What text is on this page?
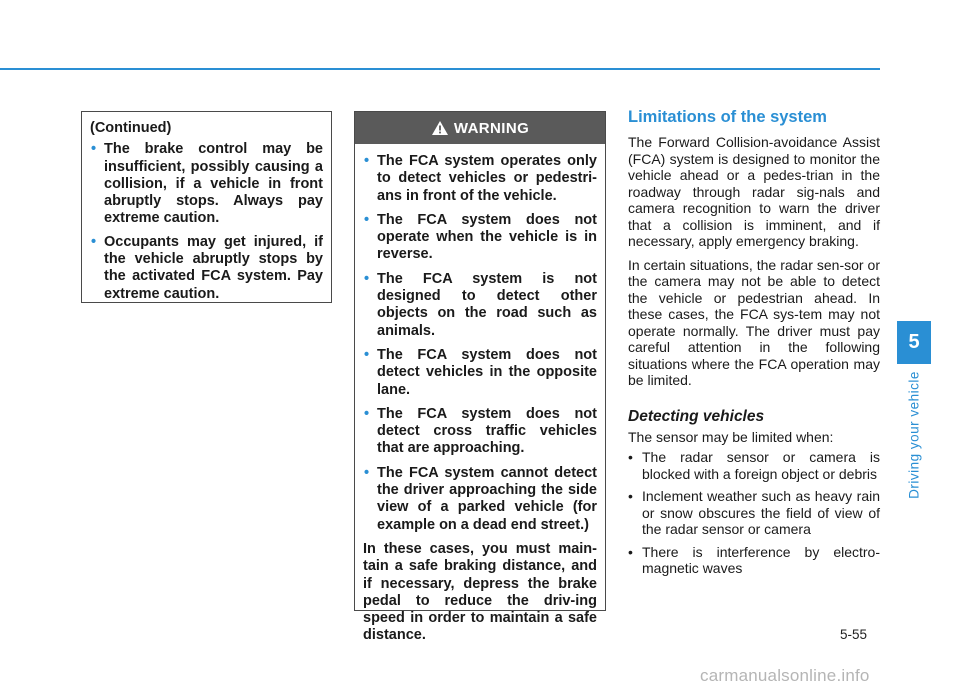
(Continued)
• The brake control may be insufficient, possibly causing a collision, if a vehicle in front abruptly stops. Always pay extreme caution.
• Occupants may get injured, if the vehicle abruptly stops by the activated FCA system. Pay extreme caution.
WARNING
• The FCA system operates only to detect vehicles or pedestri-ans in front of the vehicle.
• The FCA system does not operate when the vehicle is in reverse.
• The FCA system is not designed to detect other objects on the road such as animals.
• The FCA system does not detect vehicles in the opposite lane.
• The FCA system does not detect cross traffic vehicles that are approaching.
• The FCA system cannot detect the driver approaching the side view of a parked vehicle (for example on a dead end street.)

In these cases, you must main-tain a safe braking distance, and if necessary, depress the brake pedal to reduce the driv-ing speed in order to maintain a safe distance.

Limitations of the system

The Forward Collision-avoidance Assist (FCA) system is designed to monitor the vehicle ahead or a pedes-trian in the roadway through radar sig-nals and camera recognition to warn the driver that a collision is imminent, and if necessary, apply emergency braking.

In certain situations, the radar sen-sor or the camera may not be able to detect the vehicle or pedestrian ahead. In these cases, the FCA sys-tem may not operate normally. The driver must pay careful attention in the following situations where the FCA operation may be limited.

Detecting vehicles

The sensor may be limited when:

• The radar sensor or camera is blocked with a foreign object or debris
• Inclement weather such as heavy rain or snow obscures the field of view of the radar sensor or camera
• There is interference by electro-magnetic waves
5
Driving your vehicle
5-55
carmanualsonline.info
